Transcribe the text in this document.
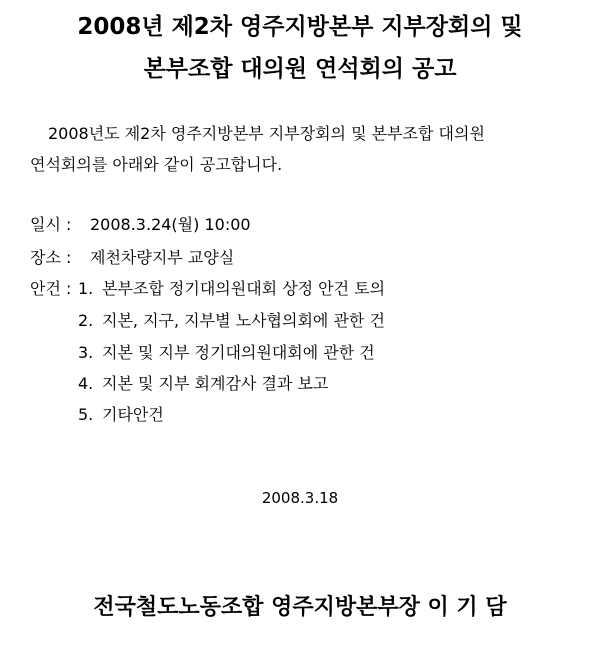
2008년 제2차 영주지방본부 지부장회의 및
본부조합 대의원 연석회의 공고
2008년도 제2차 영주지방본부 지부장회의 및 본부조합 대의원
연석회의를 아래와 같이 공고합니다.
일시 : 2008.3.24(월) 10:00
장소 : 제천차량지부 교양실
안건 : 1. 본부조합 정기대의원대회 상정 안건 토의
2. 지본, 지구, 지부별 노사협의회에 관한 건
3. 지본 및 지부 정기대의원대회에 관한 건
4. 지본 및 지부 회계감사 결과 보고
5. 기타안건
2008.3.18
전국철도노동조합 영주지방본부장 이 기 담
